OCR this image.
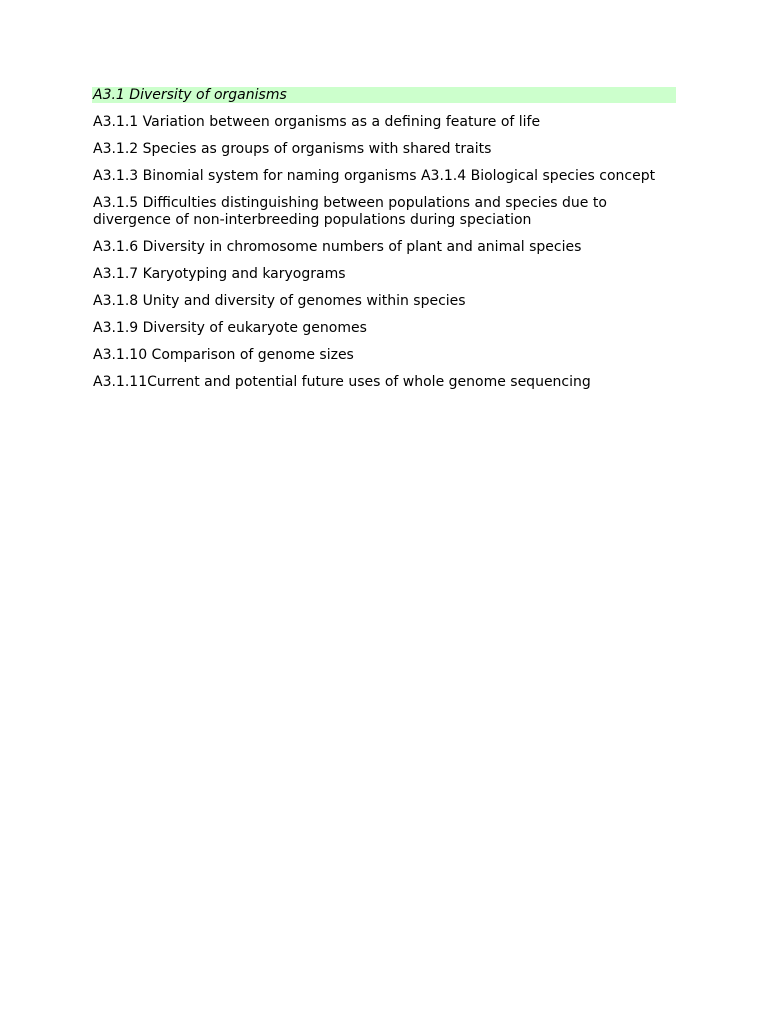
A3.1 Diversity of organisms

A3.1.1 Variation between organisms as a defining feature of life

A3.1.2 Species as groups of organisms with shared traits

A3.1.3 Binomial system for naming organisms A3.1.4 Biological species concept

A3.1.5 Difficulties distinguishing between populations and species due to divergence of non-interbreeding populations during speciation

A3.1.6 Diversity in chromosome numbers of plant and animal species

A3.1.7 Karyotyping and karyograms

A3.1.8 Unity and diversity of genomes within species

A3.1.9 Diversity of eukaryote genomes

A3.1.10 Comparison of genome sizes

A3.1.11Current and potential future uses of whole genome sequencing
